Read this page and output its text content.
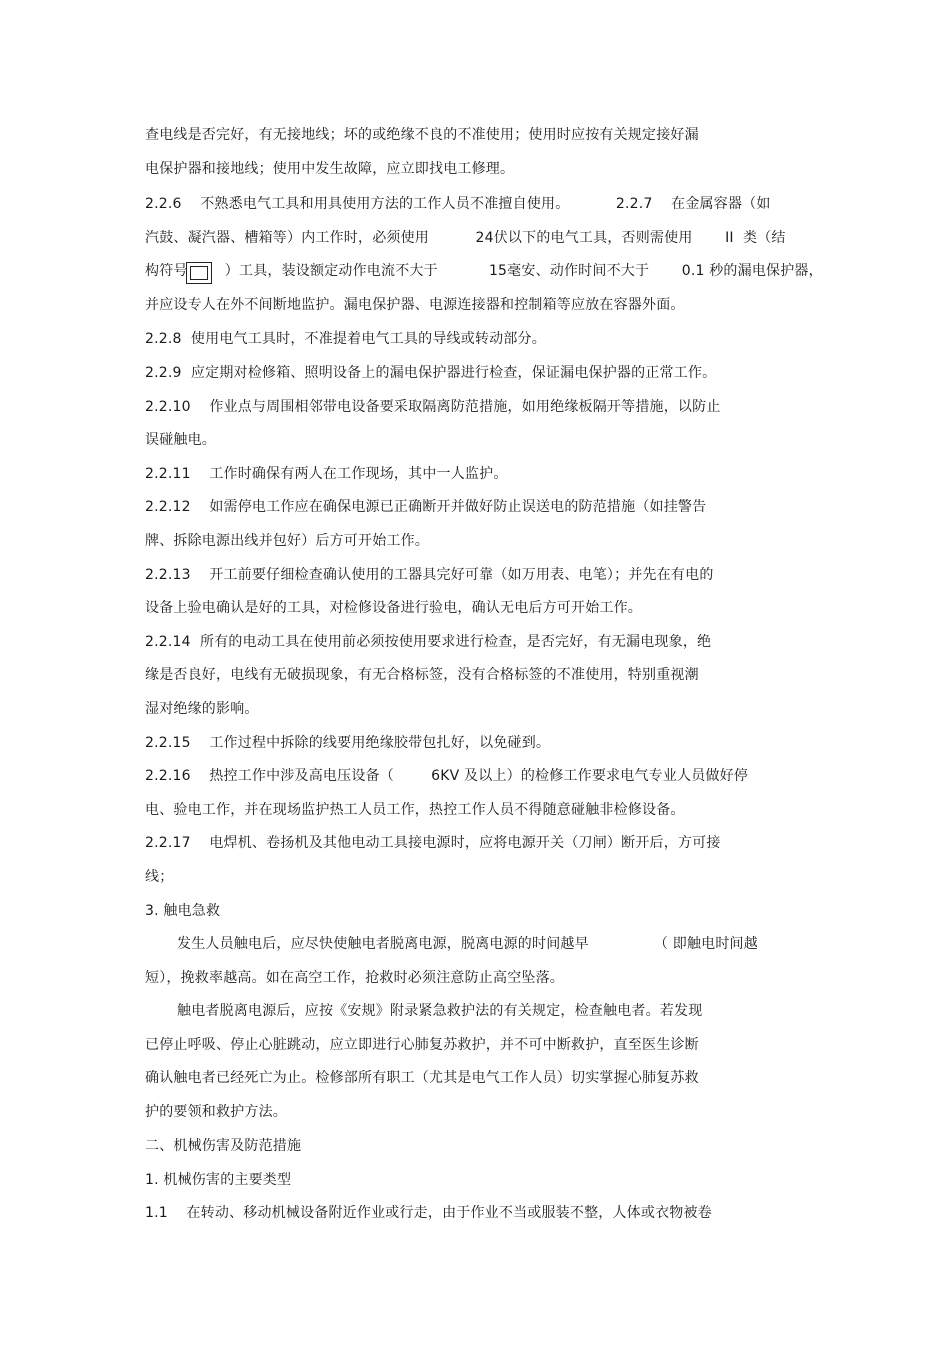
查电线是否完好，有无接地线；坏的或绝缘不良的不准使用；使用时应按有关规定接好漏
电保护器和接地线；使用中发生故障，应立即找电工修理。
2.2.6    不熟悉电气工具和用具使用方法的工作人员不准擅自使用。          2.2.7    在金属容器（如
汽鼓、凝汽器、槽箱等）内工作时，必须使用          24伏以下的电气工具，否则需使用       II  类（结
构符号        ）工具，装设额定动作电流不大于           15毫安、动作时间不大于       0.1 秒的漏电保护器，
并应设专人在外不间断地监护。漏电保护器、电源连接器和控制箱等应放在容器外面。
2.2.8  使用电气工具时，不准提着电气工具的导线或转动部分。
2.2.9  应定期对检修箱、照明设备上的漏电保护器进行检查，保证漏电保护器的正常工作。
2.2.10    作业点与周围相邻带电设备要采取隔离防范措施，如用绝缘板隔开等措施，以防止
误碰触电。
2.2.11    工作时确保有两人在工作现场，其中一人监护。
2.2.12    如需停电工作应在确保电源已正确断开并做好防止误送电的防范措施（如挂警告
牌、拆除电源出线并包好）后方可开始工作。
2.2.13    开工前要仔细检查确认使用的工器具完好可靠（如万用表、电笔）；并先在有电的
设备上验电确认是好的工具，对检修设备进行验电，确认无电后方可开始工作。
2.2.14  所有的电动工具在使用前必须按使用要求进行检查，是否完好，有无漏电现象，绝
缘是否良好，电线有无破损现象，有无合格标签，没有合格标签的不准使用，特别重视潮
湿对绝缘的影响。
2.2.15    工作过程中拆除的线要用绝缘胶带包扎好，以免碰到。
2.2.16    热控工作中涉及高电压设备（        6KV 及以上）的检修工作要求电气专业人员做好停
电、验电工作，并在现场监护热工人员工作，热控工作人员不得随意碰触非检修设备。
2.2.17    电焊机、卷扬机及其他电动工具接电源时，应将电源开关（刀闸）断开后，方可接
线；
3. 触电急救
发生人员触电后，应尽快使触电者脱离电源，脱离电源的时间越早              （ 即触电时间越
短），挽救率越高。如在高空工作，抢救时必须注意防止高空坠落。
触电者脱离电源后，应按《安规》附录紧急救护法的有关规定，检查触电者。若发现
已停止呼吸、停止心脏跳动，应立即进行心肺复苏救护，并不可中断救护，直至医生诊断
确认触电者已经死亡为止。检修部所有职工（尤其是电气工作人员）切实掌握心肺复苏救
护的要领和救护方法。
二、机械伤害及防范措施
1. 机械伤害的主要类型
1.1    在转动、移动机械设备附近作业或行走，由于作业不当或服装不整，人体或衣物被卷
